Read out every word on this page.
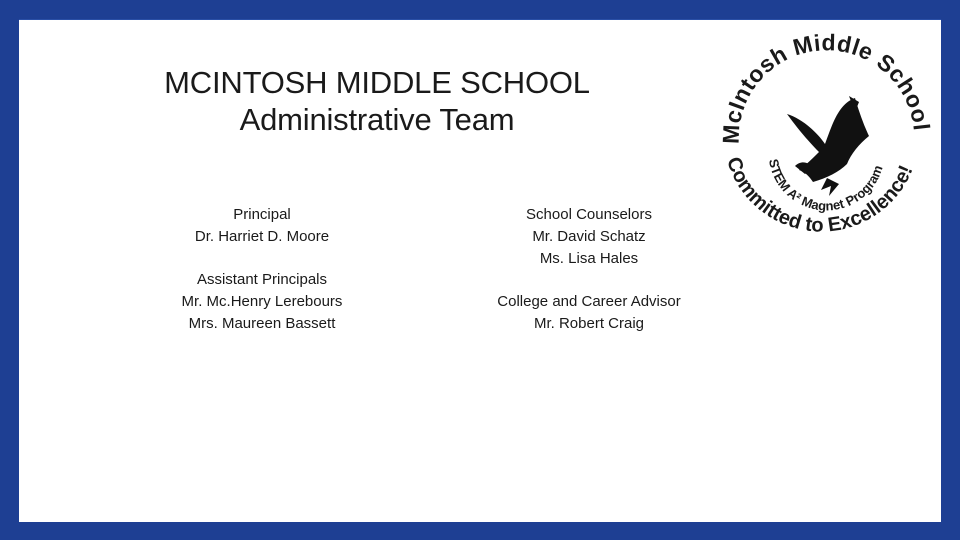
MCINTOSH MIDDLE SCHOOL
Administrative Team
Principal
Dr. Harriet D. Moore
Assistant Principals
Mr. Mc.Henry Lerebours
Mrs. Maureen Bassett
School Counselors
Mr. David Schatz
Ms. Lisa Hales
College and Career Advisor
Mr. Robert Craig
McIntosh Middle School
STEM A² Magnet Program
Committed to Excellence!
